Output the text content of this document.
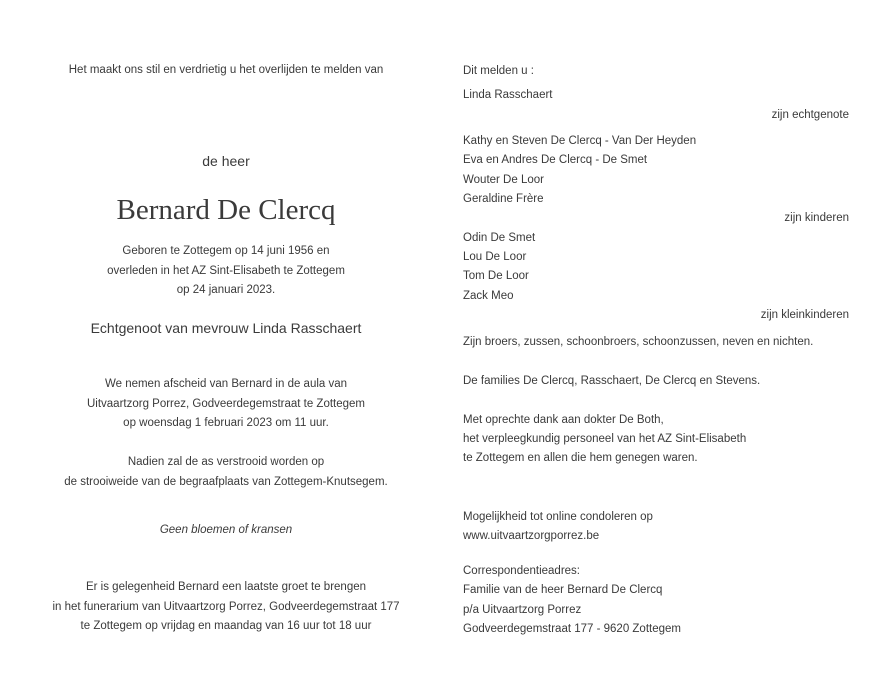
Het maakt ons stil en verdrietig u het overlijden te melden van
de heer
Bernard De Clercq
Geboren te Zottegem op 14 juni 1956 en
overleden in het AZ Sint-Elisabeth te Zottegem
op 24 januari 2023.
Echtgenoot van mevrouw Linda Rasschaert
We nemen afscheid van Bernard in de aula van
Uitvaartzorg Porrez, Godveerdegemstraat te Zottegem
op woensdag 1 februari 2023 om 11 uur.
Nadien zal de as verstrooid worden op
de strooiweide van de begraafplaats van Zottegem-Knutsegem.
Geen bloemen of kransen
Er is gelegenheid Bernard een laatste groet te brengen
in het funerarium van Uitvaartzorg Porrez, Godveerdegemstraat 177
te Zottegem op vrijdag en maandag van 16 uur tot 18 uur
Dit melden u :
Linda Rasschaert
zijn echtgenote
Kathy en Steven De Clercq - Van Der Heyden
Eva en Andres De Clercq - De Smet
Wouter De Loor
Geraldine Frère
zijn kinderen
Odin De Smet
Lou De Loor
Tom De Loor
Zack Meo
zijn kleinkinderen
Zijn broers, zussen, schoonbroers, schoonzussen, neven en nichten.
De families De Clercq, Rasschaert, De Clercq en Stevens.
Met oprechte dank aan dokter De Both,
het verpleegkundig personeel van het AZ Sint-Elisabeth
te Zottegem en allen die hem genegen waren.
Mogelijkheid tot online condoleren op
www.uitvaartzorgporrez.be
Correspondentieadres:
Familie van de heer Bernard De Clercq
p/a Uitvaartzorg Porrez
Godveerdegemstraat 177 - 9620 Zottegem
